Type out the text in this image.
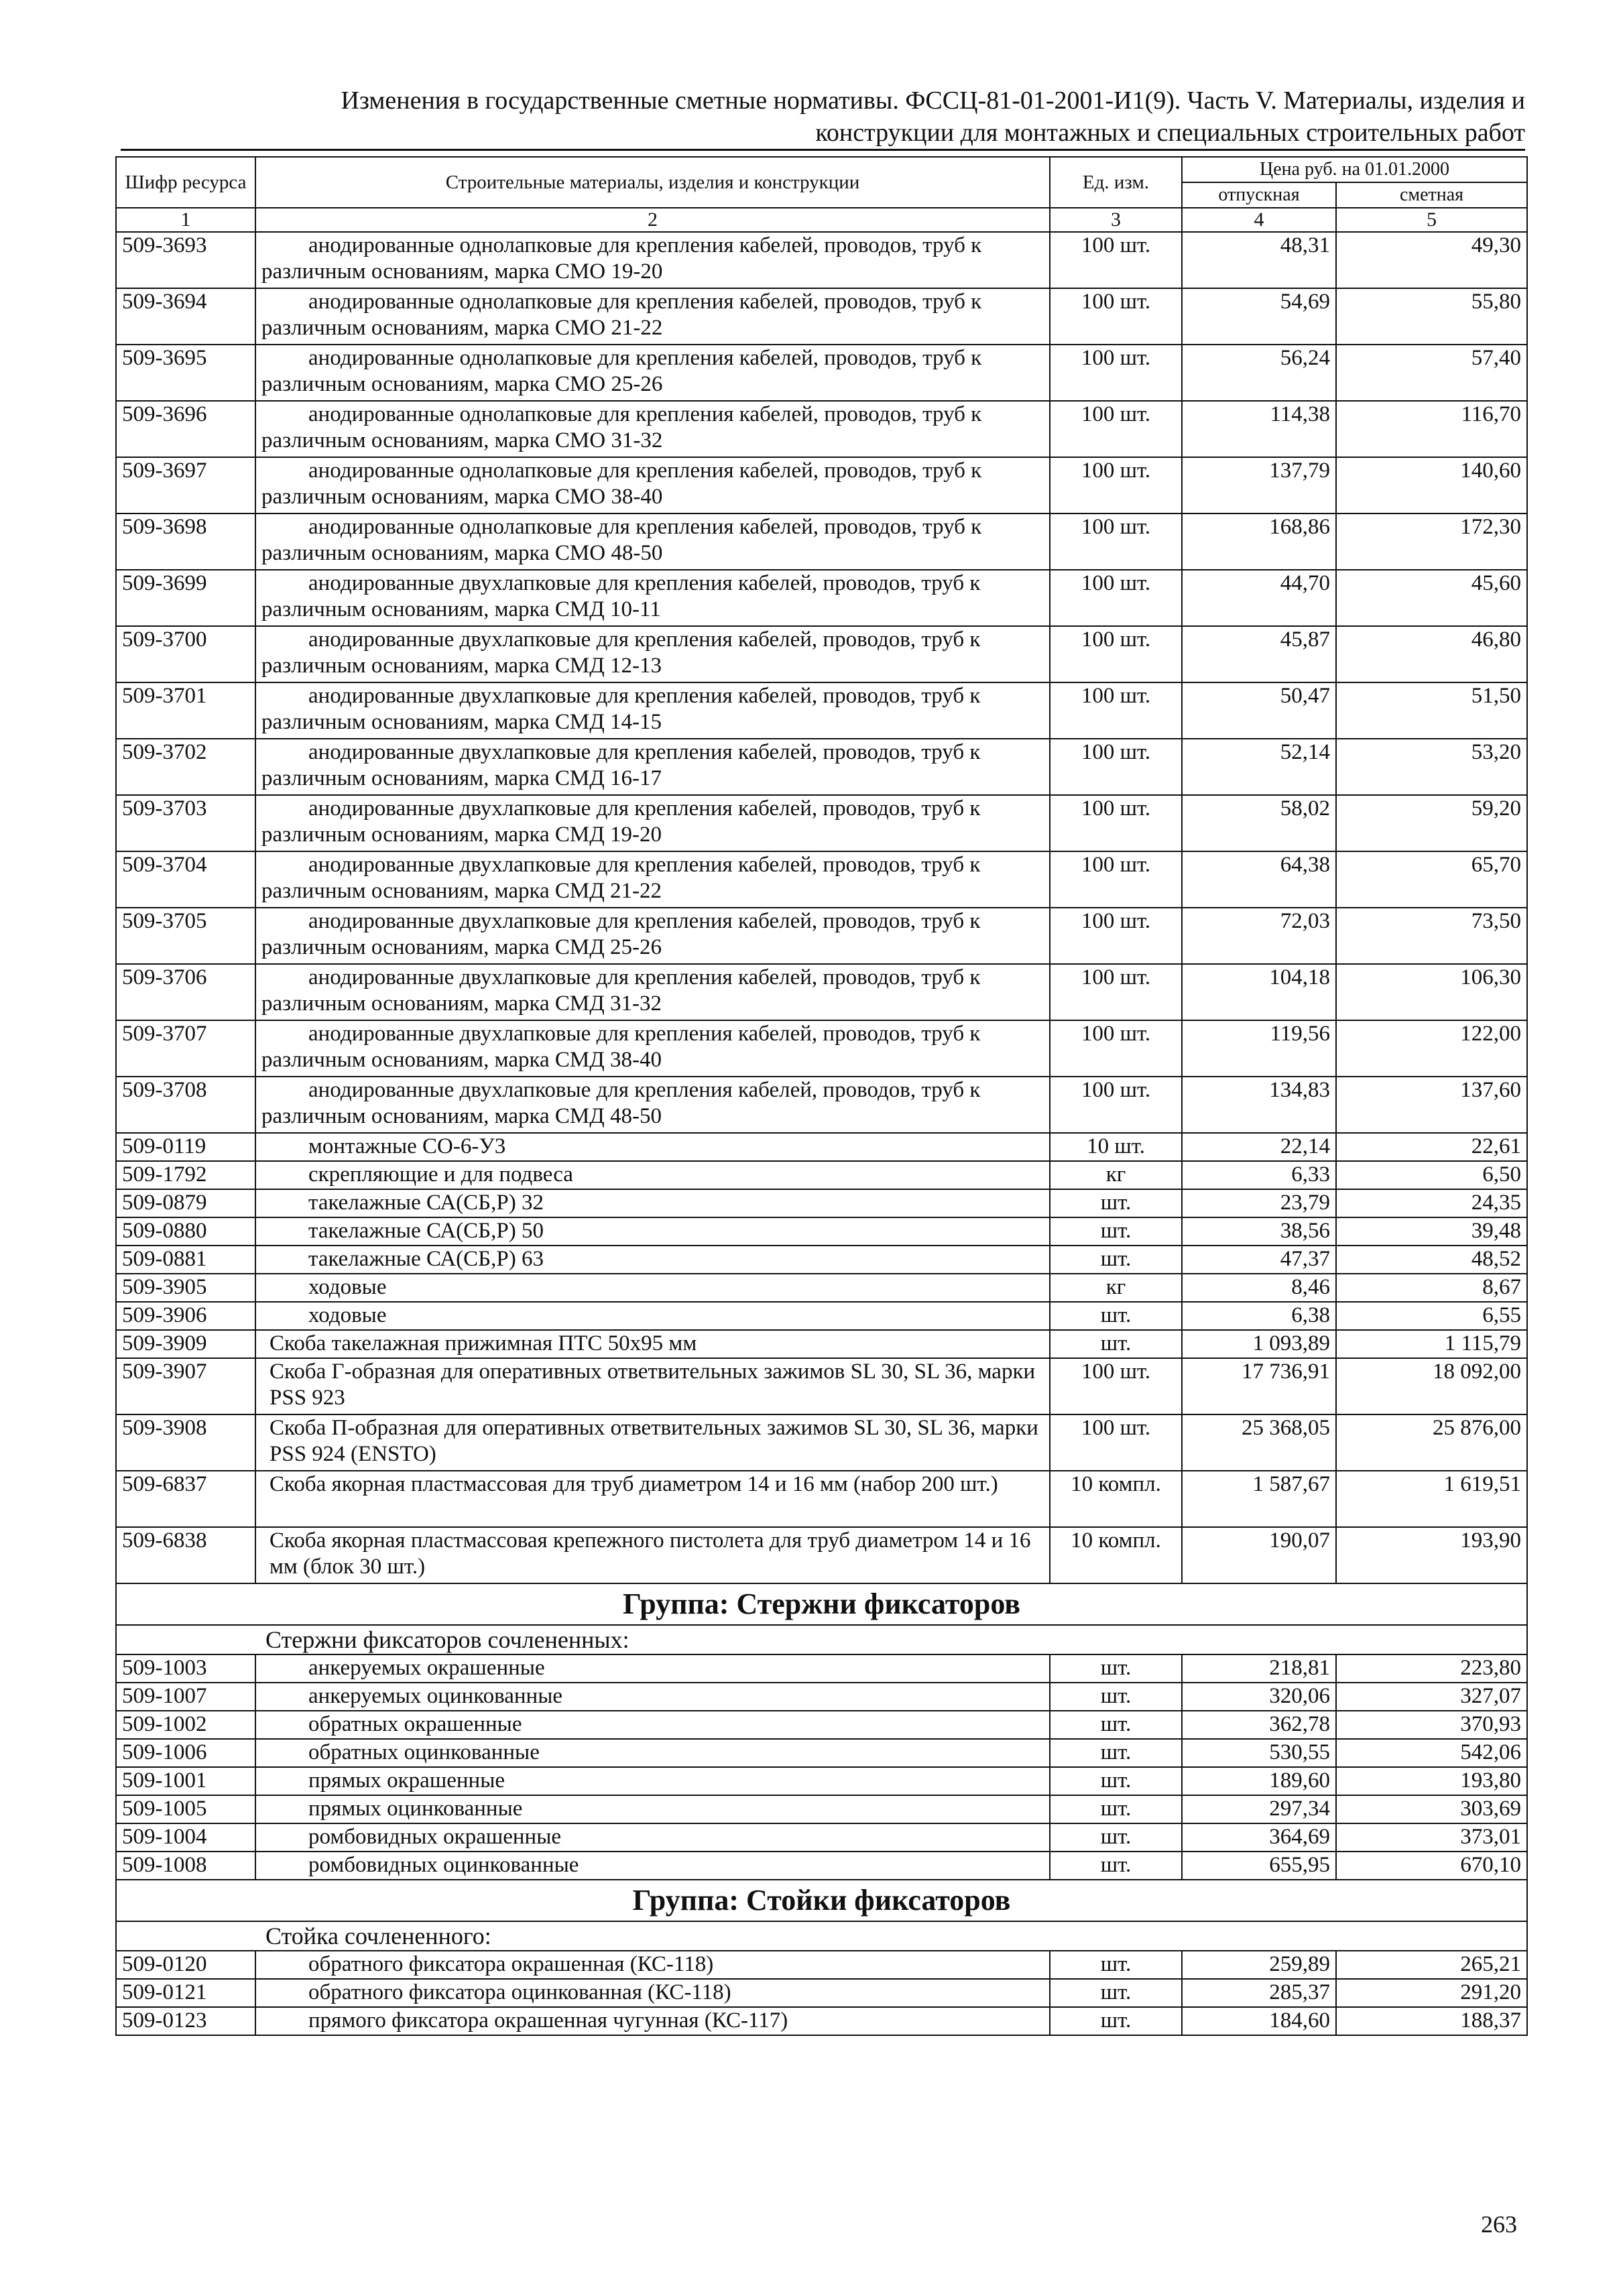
Изменения в государственные сметные нормативы. ФССЦ-81-01-2001-И1(9). Часть V. Материалы, изделия и
конструкции для монтажных и специальных строительных работ
Шифр ресурса	Строительные материалы, изделия и конструкции	Ед. изм.	Цена руб. на 01.01.2000	
			отпускная	сметная
1	2	3	4	5
509-3693	анодированные однолапковые для крепления кабелей, проводов, труб к различным основаниям, марка СМО 19-20	100 шт.	48,31	49,30
509-3694	анодированные однолапковые для крепления кабелей, проводов, труб к различным основаниям, марка СМО 21-22	100 шт.	54,69	55,80
509-3695	анодированные однолапковые для крепления кабелей, проводов, труб к различным основаниям, марка СМО 25-26	100 шт.	56,24	57,40
509-3696	анодированные однолапковые для крепления кабелей, проводов, труб к различным основаниям, марка СМО 31-32	100 шт.	114,38	116,70
509-3697	анодированные однолапковые для крепления кабелей, проводов, труб к различным основаниям, марка СМО 38-40	100 шт.	137,79	140,60
509-3698	анодированные однолапковые для крепления кабелей, проводов, труб к различным основаниям, марка СМО 48-50	100 шт.	168,86	172,30
509-3699	анодированные двухлапковые для крепления кабелей, проводов, труб к различным основаниям, марка СМД 10-11	100 шт.	44,70	45,60
509-3700	анодированные двухлапковые для крепления кабелей, проводов, труб к различным основаниям, марка СМД 12-13	100 шт.	45,87	46,80
509-3701	анодированные двухлапковые для крепления кабелей, проводов, труб к различным основаниям, марка СМД 14-15	100 шт.	50,47	51,50
509-3702	анодированные двухлапковые для крепления кабелей, проводов, труб к различным основаниям, марка СМД 16-17	100 шт.	52,14	53,20
509-3703	анодированные двухлапковые для крепления кабелей, проводов, труб к различным основаниям, марка СМД 19-20	100 шт.	58,02	59,20
509-3704	анодированные двухлапковые для крепления кабелей, проводов, труб к различным основаниям, марка СМД 21-22	100 шт.	64,38	65,70
509-3705	анодированные двухлапковые для крепления кабелей, проводов, труб к различным основаниям, марка СМД 25-26	100 шт.	72,03	73,50
509-3706	анодированные двухлапковые для крепления кабелей, проводов, труб к различным основаниям, марка СМД 31-32	100 шт.	104,18	106,30
509-3707	анодированные двухлапковые для крепления кабелей, проводов, труб к различным основаниям, марка СМД 38-40	100 шт.	119,56	122,00
509-3708	анодированные двухлапковые для крепления кабелей, проводов, труб к различным основаниям, марка СМД 48-50	100 шт.	134,83	137,60
509-0119	монтажные СО-6-У3	10 шт.	22,14	22,61
509-1792	скрепляющие и для подвеса	кг	6,33	6,50
509-0879	такелажные СА(СБ,Р) 32	шт.	23,79	24,35
509-0880	такелажные СА(СБ,Р) 50	шт.	38,56	39,48
509-0881	такелажные СА(СБ,Р) 63	шт.	47,37	48,52
509-3905	ходовые	кг	8,46	8,67
509-3906	ходовые	шт.	6,38	6,55
509-3909	Скоба такелажная прижимная ПТС 50х95 мм	шт.	1 093,89	1 115,79
509-3907	Скоба Г-образная для оперативных ответвительных зажимов SL 30, SL 36, марки PSS 923	100 шт.	17 736,91	18 092,00
509-3908	Скоба П-образная для оперативных ответвительных зажимов SL 30, SL 36, марки PSS 924 (ENSTO)	100 шт.	25 368,05	25 876,00
509-6837	Скоба якорная пластмассовая для труб диаметром 14 и 16 мм (набор 200 шт.)	10 компл.	1 587,67	1 619,51
509-6838	Скоба якорная пластмассовая крепежного пистолета для труб диаметром 14 и 16 мм (блок 30 шт.)	10 компл.	190,07	193,90
Группа: Стержни фиксаторов				
Стержни фиксаторов сочлененных:				
509-1003	анкеруемых окрашенные	шт.	218,81	223,80
509-1007	анкеруемых оцинкованные	шт.	320,06	327,07
509-1002	обратных окрашенные	шт.	362,78	370,93
509-1006	обратных оцинкованные	шт.	530,55	542,06
509-1001	прямых окрашенные	шт.	189,60	193,80
509-1005	прямых оцинкованные	шт.	297,34	303,69
509-1004	ромбовидных окрашенные	шт.	364,69	373,01
509-1008	ромбовидных оцинкованные	шт.	655,95	670,10
Группа: Стойки фиксаторов				
Стойка сочлененного:				
509-0120	обратного фиксатора окрашенная (КС-118)	шт.	259,89	265,21
509-0121	обратного фиксатора оцинкованная (КС-118)	шт.	285,37	291,20
509-0123	прямого фиксатора окрашенная чугунная (КС-117)	шт.	184,60	188,37
263
